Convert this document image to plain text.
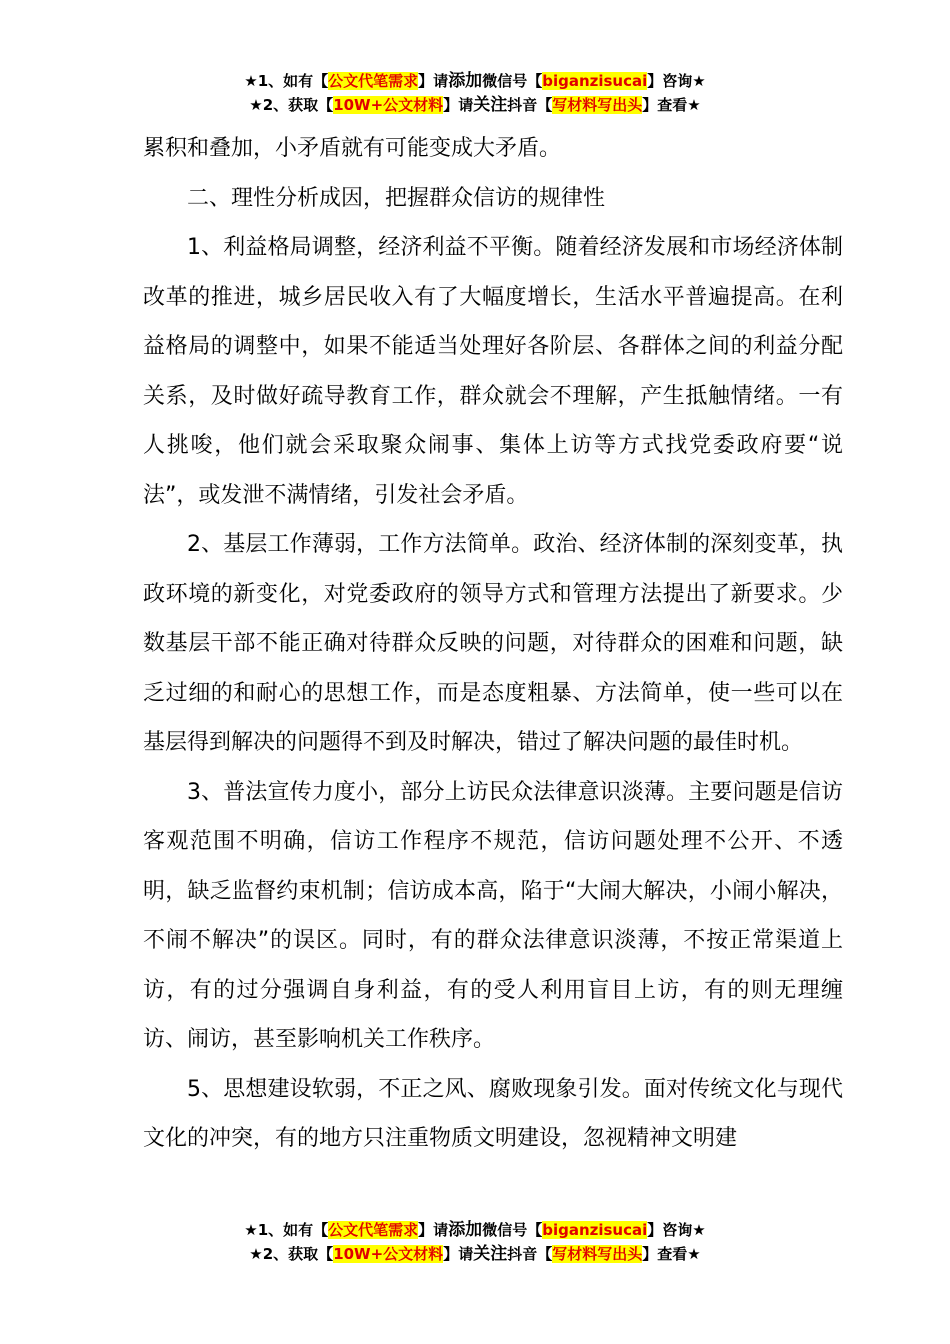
★1、如有【公文代笔需求】请添加微信号【biganzisucai】咨询★
★2、获取【10W+公文材料】请关注抖音【写材料写出头】查看★

累积和叠加，小矛盾就有可能变成大矛盾。

二、理性分析成因，把握群众信访的规律性

1、利益格局调整，经济利益不平衡。随着经济发展和市场经济体制改革的推进，城乡居民收入有了大幅度增长，生活水平普遍提高。在利益格局的调整中，如果不能适当处理好各阶层、各群体之间的利益分配关系，及时做好疏导教育工作，群众就会不理解，产生抵触情绪。一有人挑唆，他们就会采取聚众闹事、集体上访等方式找党委政府要“说法”，或发泄不满情绪，引发社会矛盾。

2、基层工作薄弱，工作方法简单。政治、经济体制的深刻变革，执政环境的新变化，对党委政府的领导方式和管理方法提出了新要求。少数基层干部不能正确对待群众反映的问题，对待群众的困难和问题，缺乏过细的和耐心的思想工作，而是态度粗暴、方法简单，使一些可以在基层得到解决的问题得不到及时解决，错过了解决问题的最佳时机。

3、普法宣传力度小，部分上访民众法律意识淡薄。主要问题是信访客观范围不明确，信访工作程序不规范，信访问题处理不公开、不透明，缺乏监督约束机制；信访成本高，陷于“大闹大解决，小闹小解决，不闹不解决”的误区。同时，有的群众法律意识淡薄，不按正常渠道上访，有的过分强调自身利益，有的受人利用盲目上访，有的则无理缠访、闹访，甚至影响机关工作秩序。

5、思想建设软弱，不正之风、腐败现象引发。面对传统文化与现代文化的冲突，有的地方只注重物质文明建设，忽视精神文明建

★1、如有【公文代笔需求】请添加微信号【biganzisucai】咨询★
★2、获取【10W+公文材料】请关注抖音【写材料写出头】查看★
